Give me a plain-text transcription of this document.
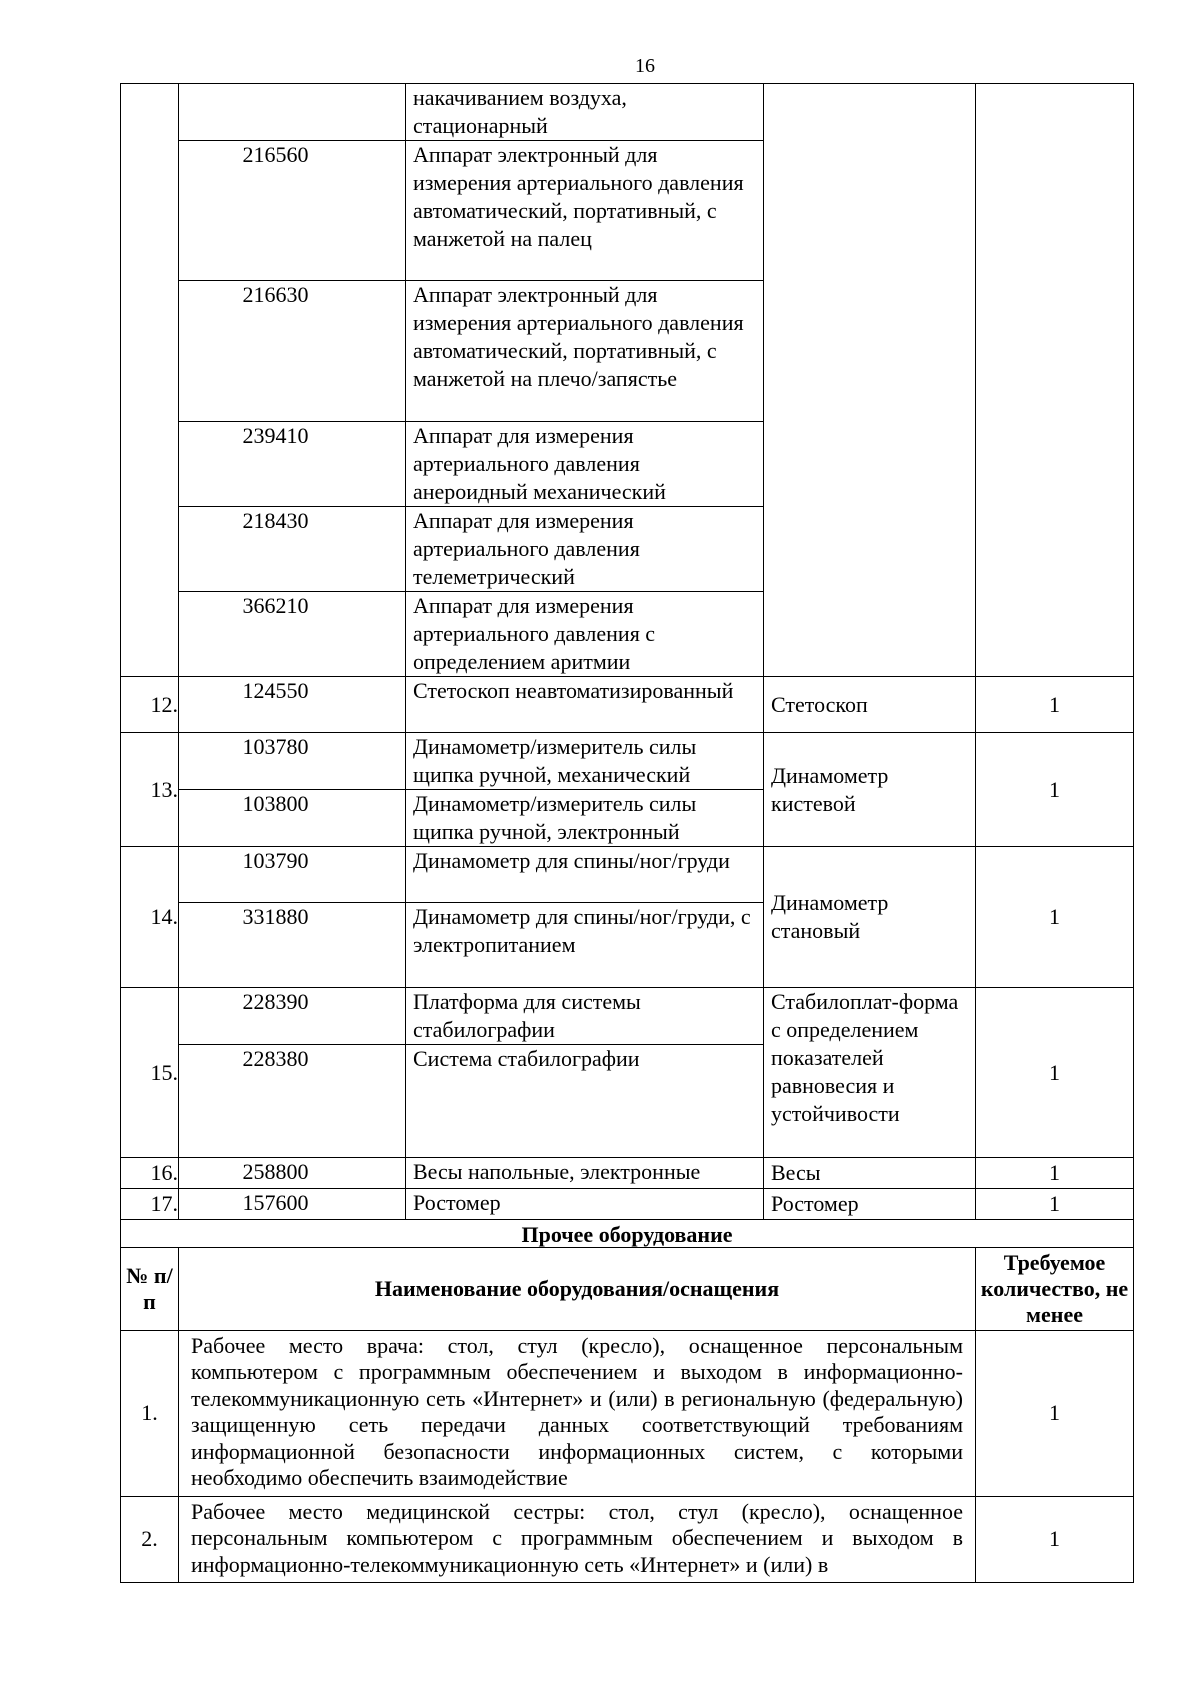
16
		накачиванием воздуха, стационарный		
	216560	Аппарат электронный для измерения артериального давления автоматический, портативный, с манжетой на палец		
	216630	Аппарат электронный для измерения артериального давления автоматический, портативный, с манжетой на плечо/запястье		
	239410	Аппарат для измерения артериального давления анероидный механический		
	218430	Аппарат для измерения артериального давления телеметрический		
	366210	Аппарат для измерения артериального давления с определением аритмии		
12.	124550	Стетоскоп неавтоматизированный	Стетоскоп	1
13.	103780	Динамометр/измеритель силы щипка ручной, механический	Динамометр кистевой	1
	103800	Динамометр/измеритель силы щипка ручной, электронный		
14.	103790	Динамометр для спины/ног/груди	Динамометр становый	1
	331880	Динамометр для спины/ног/груди, с электропитанием		
15.	228390	Платформа для системы стабилографии	Стабилоплат-форма с определением показателей равновесия и устойчивости	1
	228380	Система стабилографии		
16.	258800	Весы напольные, электронные	Весы	1
17.	157600	Ростомер	Ростомер	1
Прочее оборудование		
№ п/п	Наименование оборудования/оснащения	Требуемое количество, не менее
1.	Рабочее место врача: стол, стул (кресло), оснащенное персональным компьютером с программным обеспечением и выходом в информационно-телекоммуникационную сеть «Интернет» и (или) в региональную (федеральную) защищенную сеть передачи данных соответствующий требованиям информационной безопасности информационных систем, с которыми необходимо обеспечить взаимодействие	1
2.	Рабочее место медицинской сестры: стол, стул (кресло), оснащенное персональным компьютером с программным обеспечением и выходом в информационно-телекоммуникационную сеть «Интернет» и (или) в	1
